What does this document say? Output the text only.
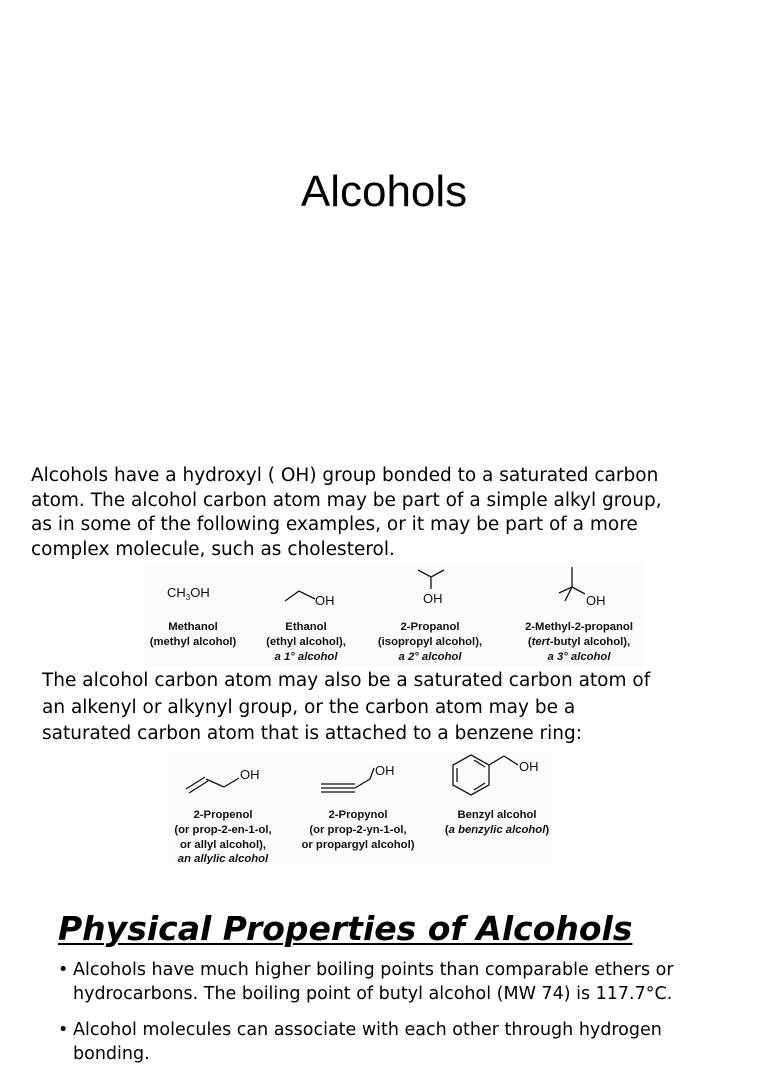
Alcohols
Alcohols have a hydroxyl ( OH) group bonded to a saturated carbon atom. The alcohol carbon atom may be part of a simple alkyl group, as in some of the following examples, or it may be part of a more complex molecule, such as cholesterol.
$CH_3OH$
Methanol
(methyl alcohol)
OH
Ethanol
(ethyl alcohol),
a 1° alcohol
OH
2-Propanol
(isopropyl alcohol),
a 2° alcohol
OH
2-Methyl-2-propanol
(tert-butyl alcohol),
a 3° alcohol
The alcohol carbon atom may also be a saturated carbon atom of an alkenyl or alkynyl group, or the carbon atom may be a saturated carbon atom that is attached to a benzene ring:
OH
2-Propenol
(or prop-2-en-1-ol,
or allyl alcohol),
an allylic alcohol
OH
2-Propynol
(or prop-2-yn-1-ol,
or propargyl alcohol)
OH
Benzyl alcohol
(a benzylic alcohol)
Physical Properties of Alcohols
• Alcohols have much higher boiling points than comparable ethers or hydrocarbons. The boiling point of butyl alcohol (MW 74) is 117.7°C.
• Alcohol molecules can associate with each other through hydrogen bonding.
